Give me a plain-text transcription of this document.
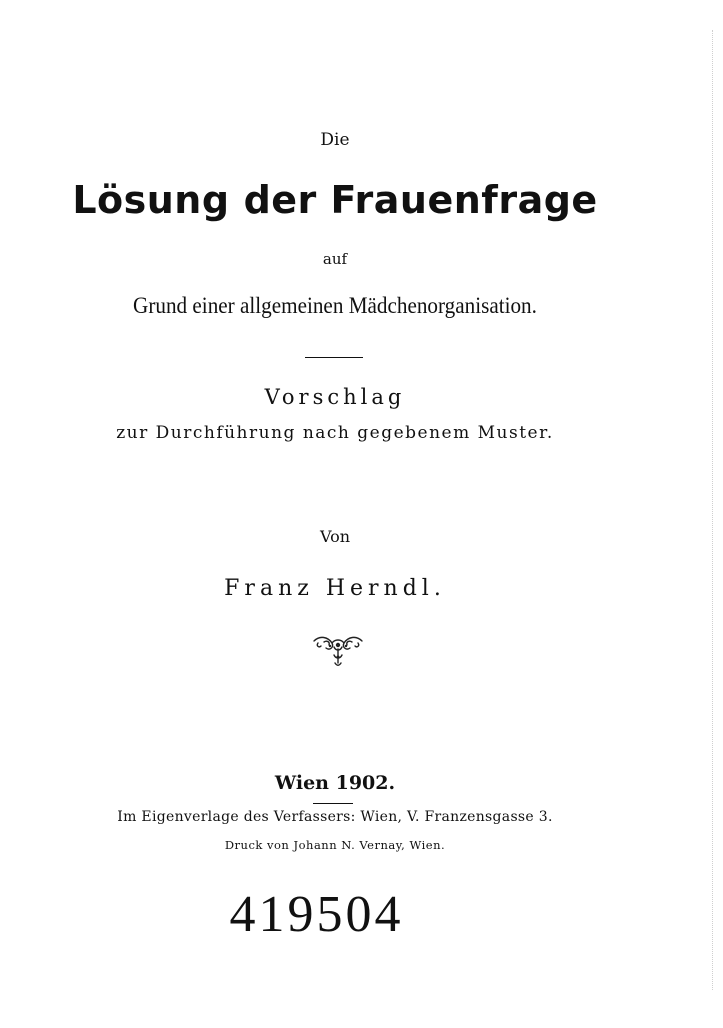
Die
Lösung der Frauenfrage
auf
Grund einer allgemeinen Mädchenorganisation.
Vorschlag
zur Durchführung nach gegebenem Muster.
Von
Franz Herndl.
Wien 1902.
Im Eigenverlage des Verfassers: Wien, V. Franzensgasse 3.
Druck von Johann N. Vernay, Wien.
419504
